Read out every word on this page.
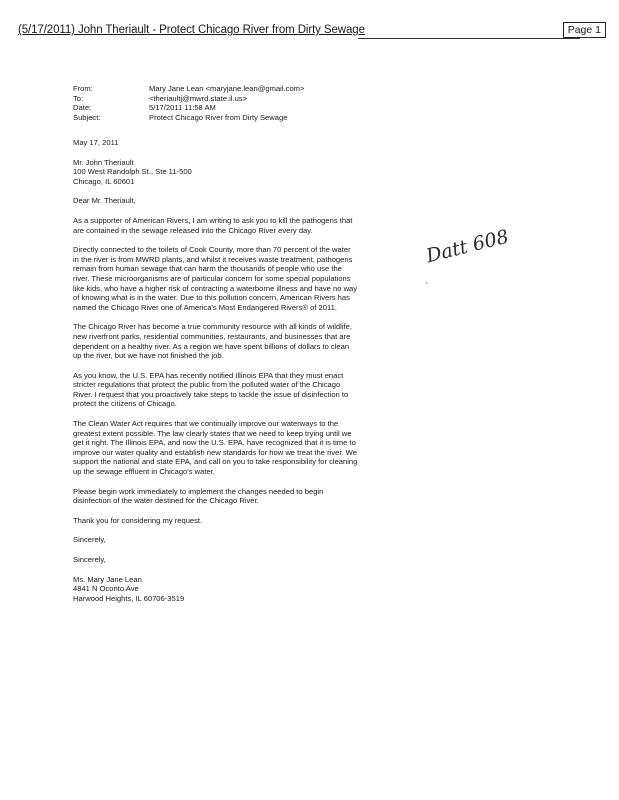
(5/17/2011) John Theriault - Protect Chicago River from Dirty Sewage	Page 1
From:	Mary Jane Lean <maryjane.lean@gmail.com>
To:	<theriaultj@mwrd.state.il.us>
Date:	5/17/2011 11:58 AM
Subject:	Protect Chicago River from Dirty Sewage

May 17, 2011

Mr. John Theriault
100 West Randolph St., Ste 11-500
Chicago, IL 60601

Dear Mr. Theriault,

As a supporter of American Rivers, I am writing to ask you to kill the pathogens that are contained in the sewage released into the Chicago River every day.

Directly connected to the toilets of Cook County, more than 70 percent of the water in the river is from MWRD plants, and whilst it receives waste treatment, pathogens remain from human sewage that can harm the thousands of people who use the river. These microorganisms are of particular concern for some special populations like kids, who have a higher risk of contracting a waterborne illness and have no way of knowing what is in the water. Due to this pollution concern, American Rivers has named the Chicago River one of America's Most Endangered Rivers® of 2011.

The Chicago River has become a true community resource with all kinds of wildlife, new riverfront parks, residential communities, restaurants, and businesses that are dependent on a healthy river. As a region we have spent billions of dollars to clean up the river, but we have not finished the job.

As you know, the U.S. EPA has recently notified Illinois EPA that they must enact stricter regulations that protect the public from the polluted water of the Chicago River. I request that you proactively take steps to tackle the issue of disinfection to protect the citizens of Chicago.

The Clean Water Act requires that we continually improve our waterways to the greatest extent possible. The law clearly states that we need to keep trying until we get it right. The Illinois EPA, and now the U.S. EPA, have recognized that it is time to improve our water quality and establish new standards for how we treat the river. We support the national and state EPA, and call on you to take responsibility for cleaning up the sewage effluent in Chicago's water.

Please begin work immediately to implement the changes needed to begin disinfection of the water destined for the Chicago River.

Thank you for considering my request.

Sincerely,

Sincerely,

Ms. Mary Jane Lean
4841 N Oconto Ave
Harwood Heights, IL 60706-3519

Datt 608
‘
